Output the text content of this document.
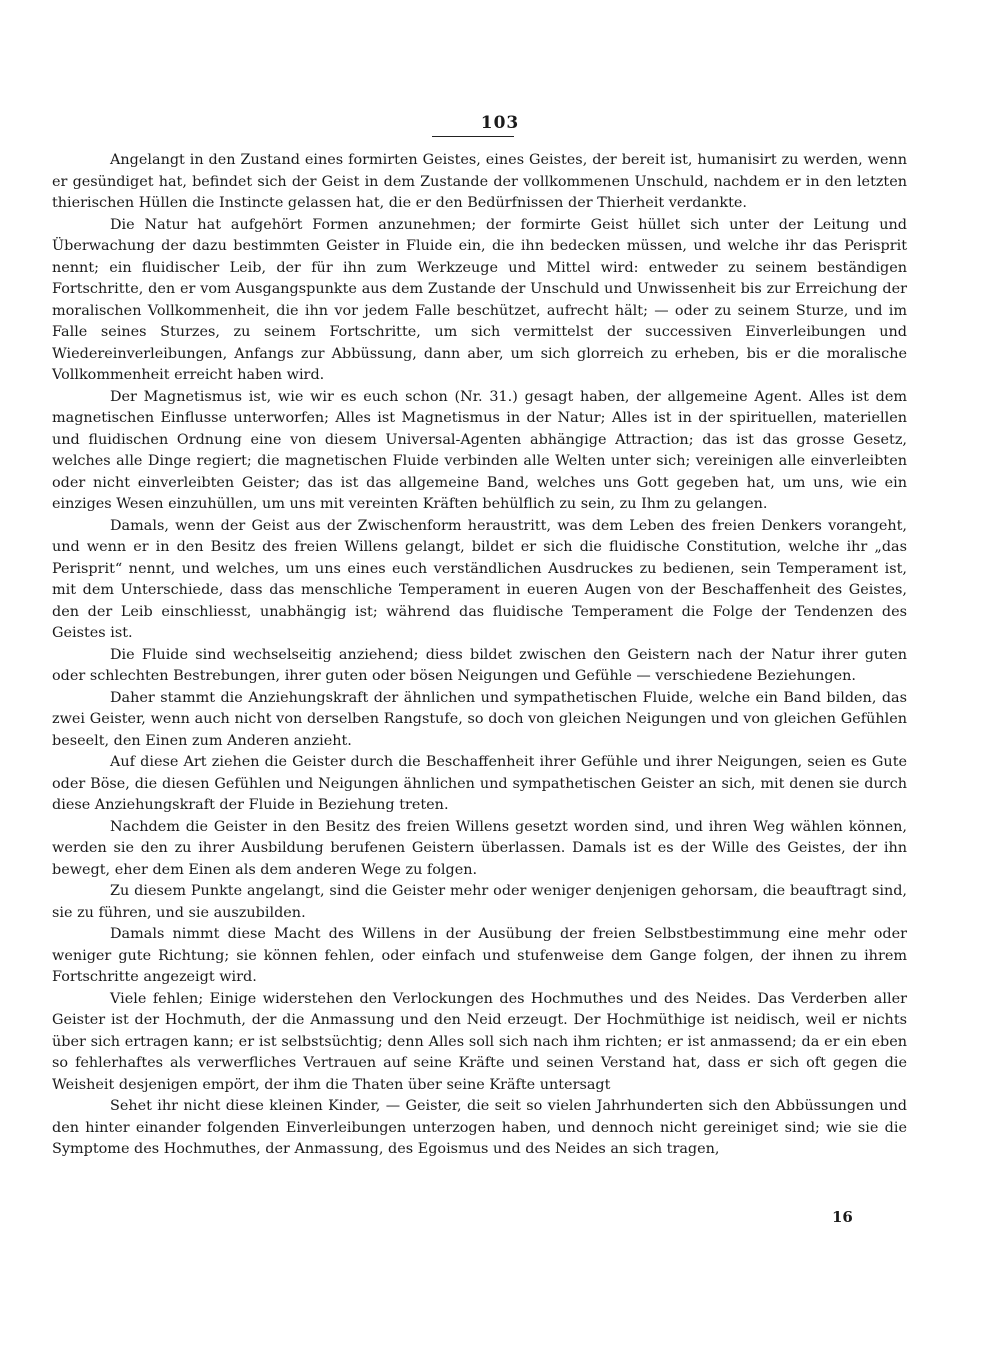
103

Angelangt in den Zustand eines formirten Geistes, eines Geistes, der bereit ist, humanisirt zu werden, wenn er gesündiget hat, befindet sich der Geist in dem Zustande der vollkommenen Unschuld, nachdem er in den letzten thierischen Hüllen die Instincte gelassen hat, die er den Bedürfnissen der Thierheit verdankte.

Die Natur hat aufgehört Formen anzunehmen; der formirte Geist hüllet sich unter der Leitung und Überwachung der dazu bestimmten Geister in Fluide ein, die ihn bedecken müssen, und welche ihr das Perisprit nennt; ein fluidischer Leib, der für ihn zum Werkzeuge und Mittel wird: entweder zu seinem beständigen Fortschritte, den er vom Ausgangspunkte aus dem Zustande der Unschuld und Unwissenheit bis zur Erreichung der moralischen Vollkommenheit, die ihn vor jedem Falle beschützet, aufrecht hält; — oder zu seinem Sturze, und im Falle seines Sturzes, zu seinem Fortschritte, um sich vermittelst der successiven Einverleibungen und Wiedereinverleibungen, Anfangs zur Abbüssung, dann aber, um sich glorreich zu erheben, bis er die moralische Vollkommenheit erreicht haben wird.

Der Magnetismus ist, wie wir es euch schon (Nr. 31.) gesagt haben, der allgemeine Agent. Alles ist dem magnetischen Einflusse unterworfen; Alles ist Magnetismus in der Natur; Alles ist in der spirituellen, materiellen und fluidischen Ordnung eine von diesem Universal-Agenten abhängige Attraction; das ist das grosse Gesetz, welches alle Dinge regiert; die magnetischen Fluide verbinden alle Welten unter sich; vereinigen alle einverleibten oder nicht einverleibten Geister; das ist das allgemeine Band, welches uns Gott gegeben hat, um uns, wie ein einziges Wesen einzuhüllen, um uns mit vereinten Kräften behülflich zu sein, zu Ihm zu gelangen.

Damals, wenn der Geist aus der Zwischenform heraustritt, was dem Leben des freien Denkers vorangeht, und wenn er in den Besitz des freien Willens gelangt, bildet er sich die fluidische Constitution, welche ihr „das Perisprit“ nennt, und welches, um uns eines euch verständlichen Ausdruckes zu bedienen, sein Temperament ist, mit dem Unterschiede, dass das menschliche Temperament in eueren Augen von der Beschaffenheit des Geistes, den der Leib einschliesst, unabhängig ist; während das fluidische Temperament die Folge der Tendenzen des Geistes ist.

Die Fluide sind wechselseitig anziehend; diess bildet zwischen den Geistern nach der Natur ihrer guten oder schlechten Bestrebungen, ihrer guten oder bösen Neigungen und Gefühle — verschiedene Beziehungen.

Daher stammt die Anziehungskraft der ähnlichen und sympathetischen Fluide, welche ein Band bilden, das zwei Geister, wenn auch nicht von derselben Rangstufe, so doch von gleichen Neigungen und von gleichen Gefühlen beseelt, den Einen zum Anderen anzieht.

Auf diese Art ziehen die Geister durch die Beschaffenheit ihrer Gefühle und ihrer Neigungen, seien es Gute oder Böse, die diesen Gefühlen und Neigungen ähnlichen und sympathetischen Geister an sich, mit denen sie durch diese Anziehungskraft der Fluide in Beziehung treten.

Nachdem die Geister in den Besitz des freien Willens gesetzt worden sind, und ihren Weg wählen können, werden sie den zu ihrer Ausbildung berufenen Geistern überlassen. Damals ist es der Wille des Geistes, der ihn bewegt, eher dem Einen als dem anderen Wege zu folgen.

Zu diesem Punkte angelangt, sind die Geister mehr oder weniger denjenigen gehorsam, die beauftragt sind, sie zu führen, und sie auszubilden.

Damals nimmt diese Macht des Willens in der Ausübung der freien Selbstbestimmung eine mehr oder weniger gute Richtung; sie können fehlen, oder einfach und stufenweise dem Gange folgen, der ihnen zu ihrem Fortschritte angezeigt wird.

Viele fehlen; Einige widerstehen den Verlockungen des Hochmuthes und des Neides. Das Verderben aller Geister ist der Hochmuth, der die Anmassung und den Neid erzeugt. Der Hochmüthige ist neidisch, weil er nichts über sich ertragen kann; er ist selbstsüchtig; denn Alles soll sich nach ihm richten; er ist anmassend; da er ein eben so fehlerhaftes als verwerfliches Vertrauen auf seine Kräfte und seinen Verstand hat, dass er sich oft gegen die Weisheit desjenigen empört, der ihm die Thaten über seine Kräfte untersagt

Sehet ihr nicht diese kleinen Kinder, — Geister, die seit so vielen Jahrhunderten sich den Abbüssungen und den hinter einander folgenden Einverleibungen unterzogen haben, und dennoch nicht gereiniget sind; wie sie die Symptome des Hochmuthes, der Anmassung, des Egoismus und des Neides an sich tragen,

16
